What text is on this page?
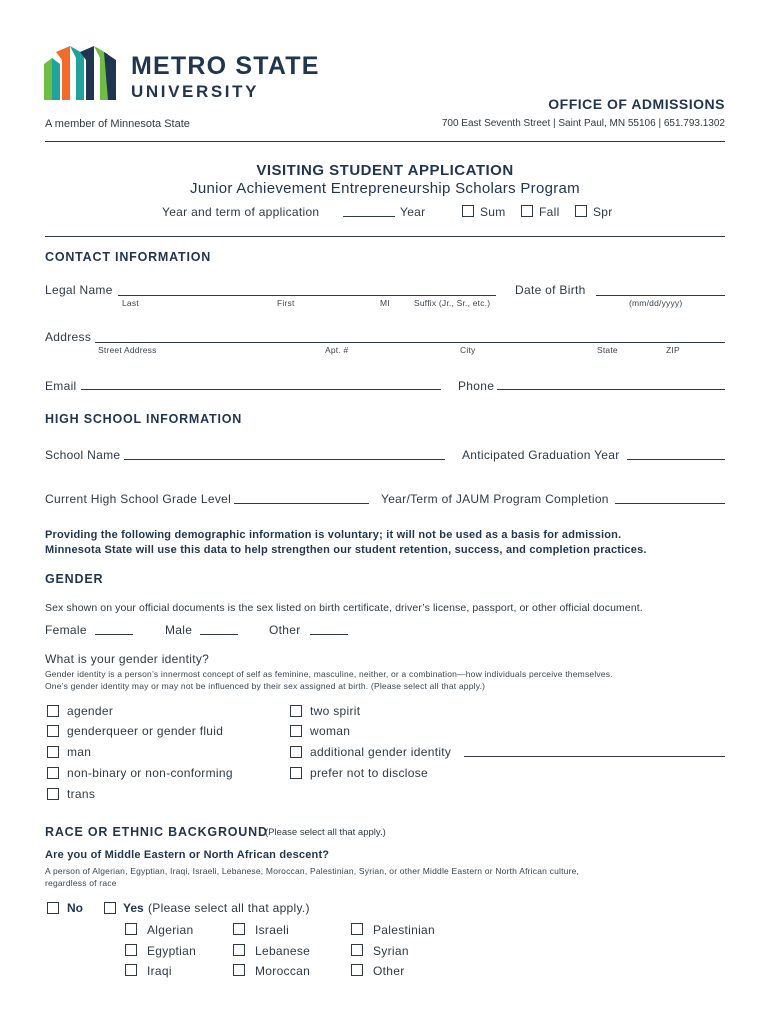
METRO STATE
UNIVERSITY
OFFICE OF ADMISSIONS
A member of Minnesota State	700 East Seventh Street | Saint Paul, MN 55106 | 651.793.1302
VISITING STUDENT APPLICATION
Junior Achievement Entrepreneurship Scholars Program
Year and term of application	Year	Sum	Fall	Spr
CONTACT INFORMATION
Legal Name
Last	First	MI	Suffix (Jr., Sr., etc.)
Date of Birth
(mm/dd/yyyy)
Address
Street Address	Apt. #	City	State	ZIP
Email	Phone
HIGH SCHOOL INFORMATION
School Name	Anticipated Graduation Year
Current High School Grade Level	Year/Term of JAUM Program Completion
Providing the following demographic information is voluntary; it will not be used as a basis for admission.
Minnesota State will use this data to help strengthen our student retention, success, and completion practices.
GENDER
Sex shown on your official documents is the sex listed on birth certificate, driver’s license, passport, or other official document.
Female	Male	Other
What is your gender identity?
Gender identity is a person’s innermost concept of self as feminine, masculine, neither, or a combination—how individuals perceive themselves.
One’s gender identity may or may not be influenced by their sex assigned at birth. (Please select all that apply.)
agender
genderqueer or gender fluid
man
non-binary or non-conforming
trans
two spirit
woman
additional gender identity
prefer not to disclose
RACE OR ETHNIC BACKGROUND
(Please select all that apply.)
Are you of Middle Eastern or North African descent?
A person of Algerian, Egyptian, Iraqi, Israeli, Lebanese, Moroccan, Palestinian, Syrian, or other Middle Eastern or North African culture,
regardless of race
No	Yes (Please select all that apply.)
Algerian
Egyptian
Iraqi
Israeli
Lebanese
Moroccan
Palestinian
Syrian
Other
